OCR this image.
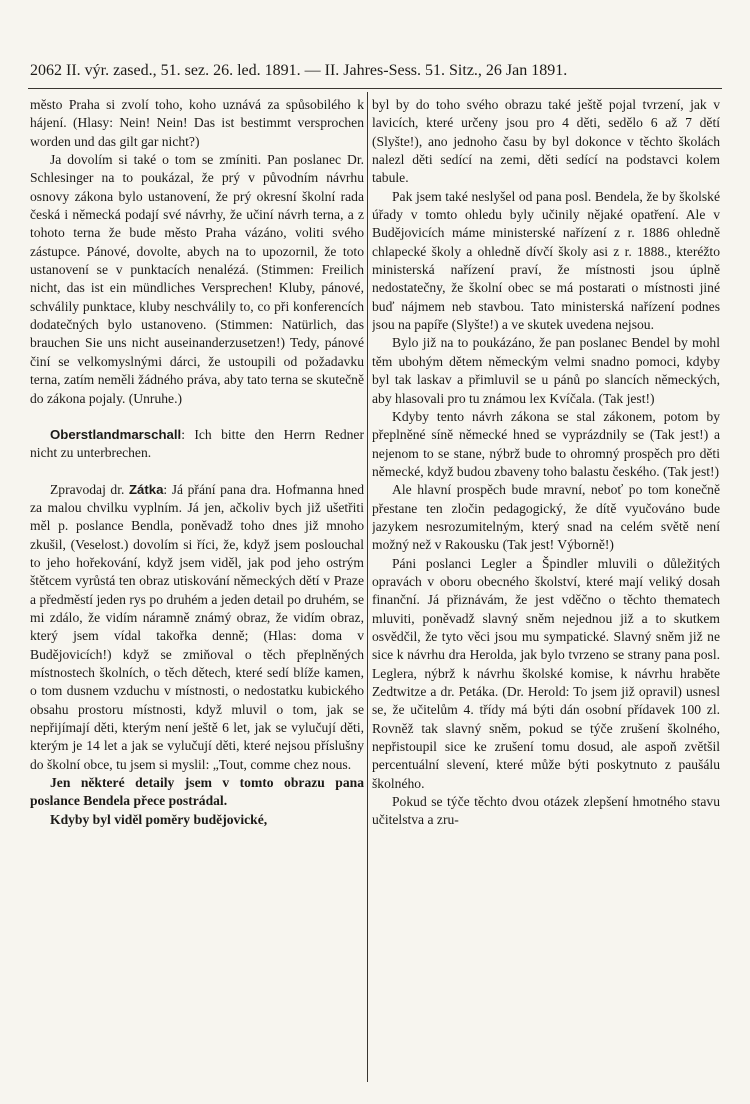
2062 II. výr. zased., 51. sez. 26. led. 1891. — II. Jahres-Sess. 51. Sitz., 26 Jan 1891.

město Praha si zvolí toho, koho uznává za spůsobilého k hájení. (Hlasy: Nein! Nein! Das ist bestimmt versprochen worden und das gilt gar nicht?)

Ja dovolím si také o tom se zmíniti. Pan poslanec Dr. Schlesinger na to poukázal, že prý v původním návrhu osnovy zákona bylo ustanovení, že prý okresní školní rada česká i německá podají své návrhy, že učiní návrh terna, a z tohoto terna že bude město Praha vázáno, voliti svého zástupce. Pánové, dovolte, abych na to upozornil, že toto ustanovení se v punktacích nenalézá. (Stimmen: Freilich nicht, das ist ein mündliches Versprechen! Kluby, pánové, schválily punktace, kluby neschválily to, co při konferencích dodatečných bylo ustanoveno. (Stimmen: Natürlich, das brauchen Sie uns nicht auseinanderzusetzen!) Tedy, pánové činí se velkomyslnými dárci, že ustoupili od požadavku terna, zatím neměli žádného práva, aby tato terna se skutečně do zákona pojaly. (Unruhe.)

Oberstlandmarschall: Ich bitte den Herrn Redner nicht zu unterbrechen.

Zpravodaj dr. Zátka: Já přání pana dra. Hofmanna hned za malou chvilku vyplním. Já jen, ačkoliv bych již ušetřiti měl p. poslance Bendla, poněvadž toho dnes již mnoho zkušil, (Veselost.) dovolím si říci, že, když jsem poslouchal to jeho hořekování, když jsem viděl, jak pod jeho ostrým štětcem vyrůstá ten obraz utiskování německých dětí v Praze a předměstí jeden rys po druhém a jeden detail po druhém, se mi zdálo, že vidím náramně známý obraz, že vidím obraz, který jsem vídal takořka denně; (Hlas: doma v Budějovicích!) když se zmiňoval o těch přeplněných místnostech školních, o těch dětech, které sedí blíže kamen, o tom dusnem vzduchu v místnosti, o nedostatku kubického obsahu prostoru místnosti, když mluvil o tom, jak se nepřijímají děti, kterým není ještě 6 let, jak se vylučují děti, kterým je 14 let a jak se vylučují děti, které nejsou příslušny do školní obce, tu jsem si myslil: „Tout, comme chez nous.

Jen některé detaily jsem v tomto obrazu pana poslance Bendela přece postrádal.

Kdyby byl viděl poměry budějovické,

byl by do toho svého obrazu také ještě pojal tvrzení, jak v lavicích, které určeny jsou pro 4 děti, sedělo 6 až 7 dětí (Slyšte!), ano jednoho času by byl dokonce v těchto školách nalezl děti sedící na zemi, děti sedící na podstavci kolem tabule.

Pak jsem také neslyšel od pana posl. Bendela, že by školské úřady v tomto ohledu byly učinily nějaké opatření. Ale v Budějovicích máme ministerské nařízení z r. 1886 ohledně chlapecké školy a ohledně dívčí školy asi z r. 1888., kteréžto ministerská nařízení praví, že místnosti jsou úplně nedostatečny, že školní obec se má postarati o místnosti jiné buď nájmem neb stavbou. Tato ministerská nařízení podnes jsou na papíře (Slyšte!) a ve skutek uvedena nejsou.

Bylo již na to poukázáno, že pan poslanec Bendel by mohl těm ubohým dětem německým velmi snadno pomoci, kdyby byl tak laskav a přimluvil se u pánů po slancích německých, aby hlasovali pro tu známou lex Kvíčala. (Tak jest!)

Kdyby tento návrh zákona se stal zákonem, potom by přeplněné síně německé hned se vyprázdnily se (Tak jest!) a nejenom to se stane, nýbrž bude to ohromný prospěch pro děti německé, když budou zbaveny toho balastu českého. (Tak jest!)

Ale hlavní prospěch bude mravní, neboť po tom konečně přestane ten zločin pedagogický, že dítě vyučováno bude jazykem nesrozumitelným, který snad na celém světě není možný než v Rakousku (Tak jest! Výborně!)

Páni poslanci Legler a Špindler mluvili o důležitých opravách v oboru obecného školství, které mají veliký dosah finanční. Já přiznávám, že jest vděčno o těchto thematech mluviti, poněvadž slavný sněm nejednou již a to skutkem osvědčil, že tyto věci jsou mu sympatické. Slavný sněm již ne sice k návrhu dra Herolda, jak bylo tvrzeno se strany pana posl. Leglera, nýbrž k návrhu školské komise, k návrhu hraběte Zedtwitze a dr. Petáka. (Dr. Herold: To jsem již opravil) usnesl se, že učitelům 4. třídy má býti dán osobní přídavek 100 zl. Rovněž tak slavný sněm, pokud se týče zrušení školného, nepřistoupil sice ke zrušení tomu dosud, ale aspoň zvětšil percentuální slevení, které může býti poskytnuto z paušálu školného.

Pokud se týče těchto dvou otázek zlepšení hmotného stavu učitelstva a zru-
